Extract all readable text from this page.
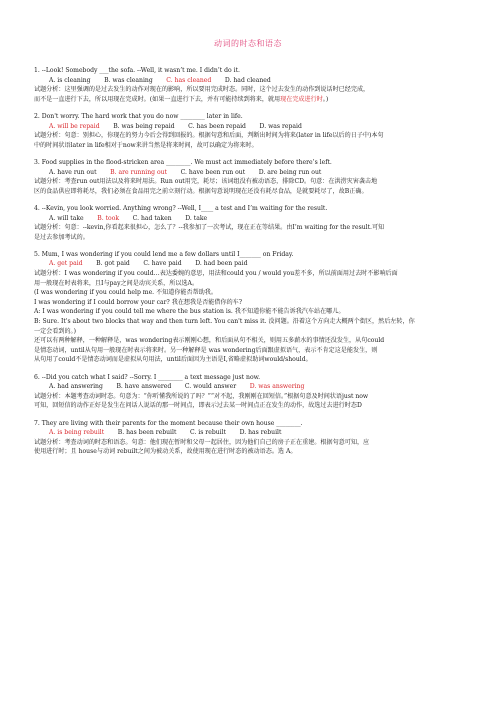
动词的时态和语态
1. --Look! Somebody ___the sofa. --Well, it wasn’t me. I didn’t do it.
A. is cleaning B. was cleaning C. has cleaned D. had cleaned
试题分析：这里强调的是过去发生的动作对现在的影响，所以要用完成时态。同时，这个过去发生的动作到说话时已经完成，
而不是一直进行下去，所以用现在完成时。(如果一直进行下去，并有可能持续到将来，就用现在完成进行时。)
2. Don't worry. The hard work that you do now ________ later in life.
A. will be repaid B. was being repaid C. has been repaid D. was repaid
试题分析：句意：别担心，你现在的努力今后会得到回报的。根据句意和后面，判断出时间为将来(later in life以后的日子中)本句
中的时间状语later in life相对于now来讲当然是将来时间，故可以确定为将来时。
3. Food supplies in the flood-stricken area ________. We must act immediately before there’s left.
A. have run out B. are running out C. have been run out D. are being run out
试题分析：考查run out用法以及将来时用法。Run out用完，耗尽；该词组没有被动语态，排除CD。句意：在洪涝灾害袭击地
区的食品供应即将耗尽，我们必须在食品用完之前立刻行动。根据句意说明现在还没有耗尽食品，是就要耗尽了，故B正确。
4. --Kevin, you look worried. Anything wrong? --Well, I____ a test and I’m waiting for the result.
A. will take B. took C. had taken D. take
试题分析：句意：--kevin,你看起来很担心，怎么了？--我参加了一次考试，现在正在等结果。由I’m waiting for the result.可知
是过去参加考试的。
5. Mum, I was wondering if you could lend me a few dollars until I_______ on Friday.
A. get paid B. got paid C. have paid D. had been paid
试题分析：I was wondering if you could…表达委婉的意思，用法和could you / would you差不多，所以前面用过去时不影响后面
用一般现在时表将来，且I与pay之间是动宾关系，所以选A。
(I was wondering if you could help me. 不知道你能否帮助我。
I was wondering if I could borrow your car? 我在想我是否能借你的车?
A: I was wondering if you could tell me where the bus station is. 我不知道你能不能告诉我汽车站在哪儿。
B: Sure. It's about two blocks that way and then turn left. You can't miss it. 没问题。沿着这个方向走大概两个街区，然后左转，你
一定会看到的。)
还可以有两种解释，一种解释是，was wondering表示刚刚心想，和后面从句不相关，则用五多薪水的事情还没发生，从句could
是情态动词，until从句用一般现在时表示将来时。另一种解释是 was wondering后面跟虚拟语气，表示不肯定这是能发生，则
从句用了could不是情态动词而是虚拟从句用法，until后面因为主语是I,省略虚拟助词would/should。
6. --Did you catch what I said? --Sorry. I ________ a text message just now.
A. had answering B. have answered C. would answer D. was answering
试题分析：本题考查动词时态。句意为：“你听懂我所说的了吗？”“对不起，我刚刚在回短信。”根据句意及时间状语just now
可知，回短信的动作正好是发生在问话人说话的那一时间点，即表示过去某一时间点正在发生的动作，故选过去进行时态D
7. They are living with their parents for the moment because their own house ________.
A. is being rebuilt B. has been rebuilt C. is rebuilt D. has rebuilt
试题分析：考查动词的时态和语态。句意：他们现在暂时和父母一起居住，因为他们自己的房子正在重建。根据句意可知，应
使用进行时；且 house与动词 rebuilt之间为被动关系，故使用现在进行时态的被动语态。选 A。
